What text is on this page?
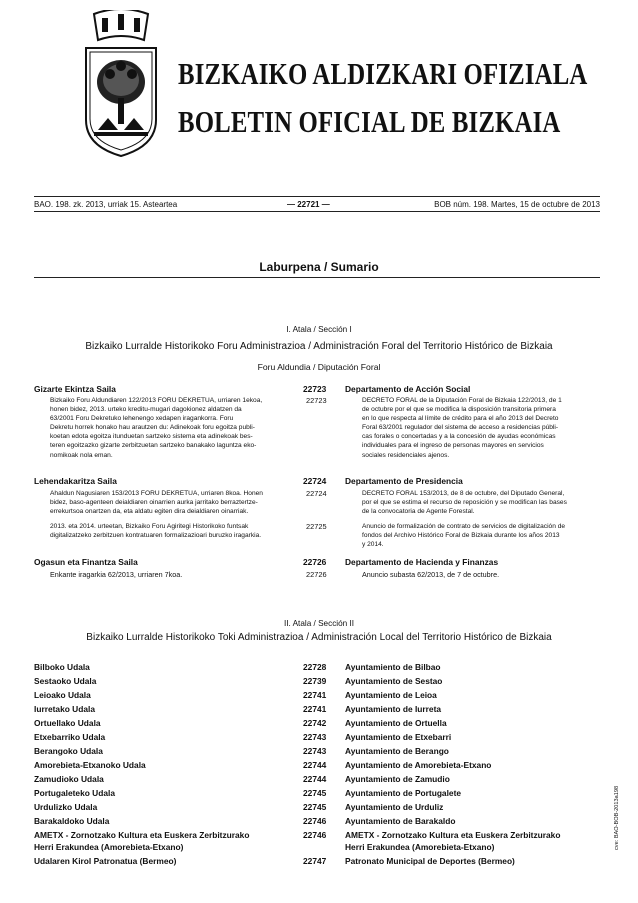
BIZKAIKO ALDIZKARI OFIZIALA
BOLETIN OFICIAL DE BIZKAIA
BAO. 198. zk. 2013, urriak 15. Asteartea	— 22721 —	BOB núm. 198. Martes, 15 de octubre de 2013
Laburpena / Sumario
I. Atala / Sección I
Bizkaiko Lurralde Historikoko Foru Administrazioa / Administración Foral del Territorio Histórico de Bizkaia
Foru Aldundia / Diputación Foral
Gizarte Ekintza Saila	22723 Departamento de Acción Social
Bizkaiko Foru Aldundiaren 122/2013 FORU DEKRETUA, urriaren 1ekoa,
honen bidez, 2013. urteko kreditu-mugari dagokionez aldatzen da
63/2001 Foru Dekretuko lehenengo xedapen iragankorra. Foru
Dekretu horrek honako hau arautzen du: Adinekoak foru egoitza publi-
koetan edota egoitza itunduetan sartzeko sistema eta adinekoak bes-
teren egoitzazko gizarte zerbitzuetan sartzeko banakako laguntza eko-
nomikoak nola eman.
22723	DECRETO FORAL de la Diputación Foral de Bizkaia 122/2013, de 1
de octubre por el que se modifica la disposición transitoria primera
en lo que respecta al límite de crédito para el año 2013 del Decreto
Foral 63/2001 regulador del sistema de acceso a residencias públi-
cas forales o concertadas y a la concesión de ayudas económicas
individuales para el ingreso de personas mayores en servicios
sociales residenciales ajenos.
Lehendakaritza Saila	22724 Departamento de Presidencia
Ahaldun Nagusiaren 153/2013 FORU DEKRETUA, urriaren 8koa. Honen
bidez, baso-agenteen deialdiaren oinarrien aurka jarritako berraztertze-
errekurtsoa onartzen da, eta aldatu egiten dira deialdiaren oinarriak.
22724	DECRETO FORAL 153/2013, de 8 de octubre, del Diputado General,
por el que se estima el recurso de reposición y se modifican las bases
de la convocatoria de Agente Forestal.
2013. eta 2014. urteetan, Bizkaiko Foru Agiritegi Historikoko funtsak
digitalizatzeko zerbitzuen kontratuaren formalizazioari buruzko iragarkia.
22725	Anuncio de formalización de contrato de servicios de digitalización de
fondos del Archivo Histórico Foral de Bizkaia durante los años 2013
y 2014.
Ogasun eta Finantza Saila	22726 Departamento de Hacienda y Finanzas
Enkante iragarkia 62/2013, urriaren 7koa.	22726	Anuncio subasta 62/2013, de 7 de octubre.
II. Atala / Sección II
Bizkaiko Lurralde Historikoko Toki Administrazioa / Administración Local del Territorio Histórico de Bizkaia
Bilboko Udala	22728 Ayuntamiento de Bilbao
Sestaoko Udala	22739 Ayuntamiento de Sestao
Leioako Udala	22741 Ayuntamiento de Leioa
Iurretako Udala	22741 Ayuntamiento de Iurreta
Ortuellako Udala	22742 Ayuntamiento de Ortuella
Etxebarriko Udala	22743 Ayuntamiento de Etxebarri
Berangoko Udala	22743 Ayuntamiento de Berango
Amorebieta-Etxanoko Udala	22744 Ayuntamiento de Amorebieta-Etxano
Zamudioko Udala	22744 Ayuntamiento de Zamudio
Portugaleteko Udala	22745 Ayuntamiento de Portugalete
Urdulizko Udala	22745 Ayuntamiento de Urduliz
Barakaldoko Udala	22746 Ayuntamiento de Barakaldo
AMETX - Zornotzako Kultura eta Euskera Zerbitzurako	22746 AMETX - Zornotzako Kultura eta Euskera Zerbitzurako
Herri Erakundea (Amorebieta-Etxano)	Herri Erakundea (Amorebieta-Etxano)
Udalaren Kirol Patronatua (Bermeo)	22747 Patronato Municipal de Deportes (Bermeo)
cve: BAO-BOB-2013a198
